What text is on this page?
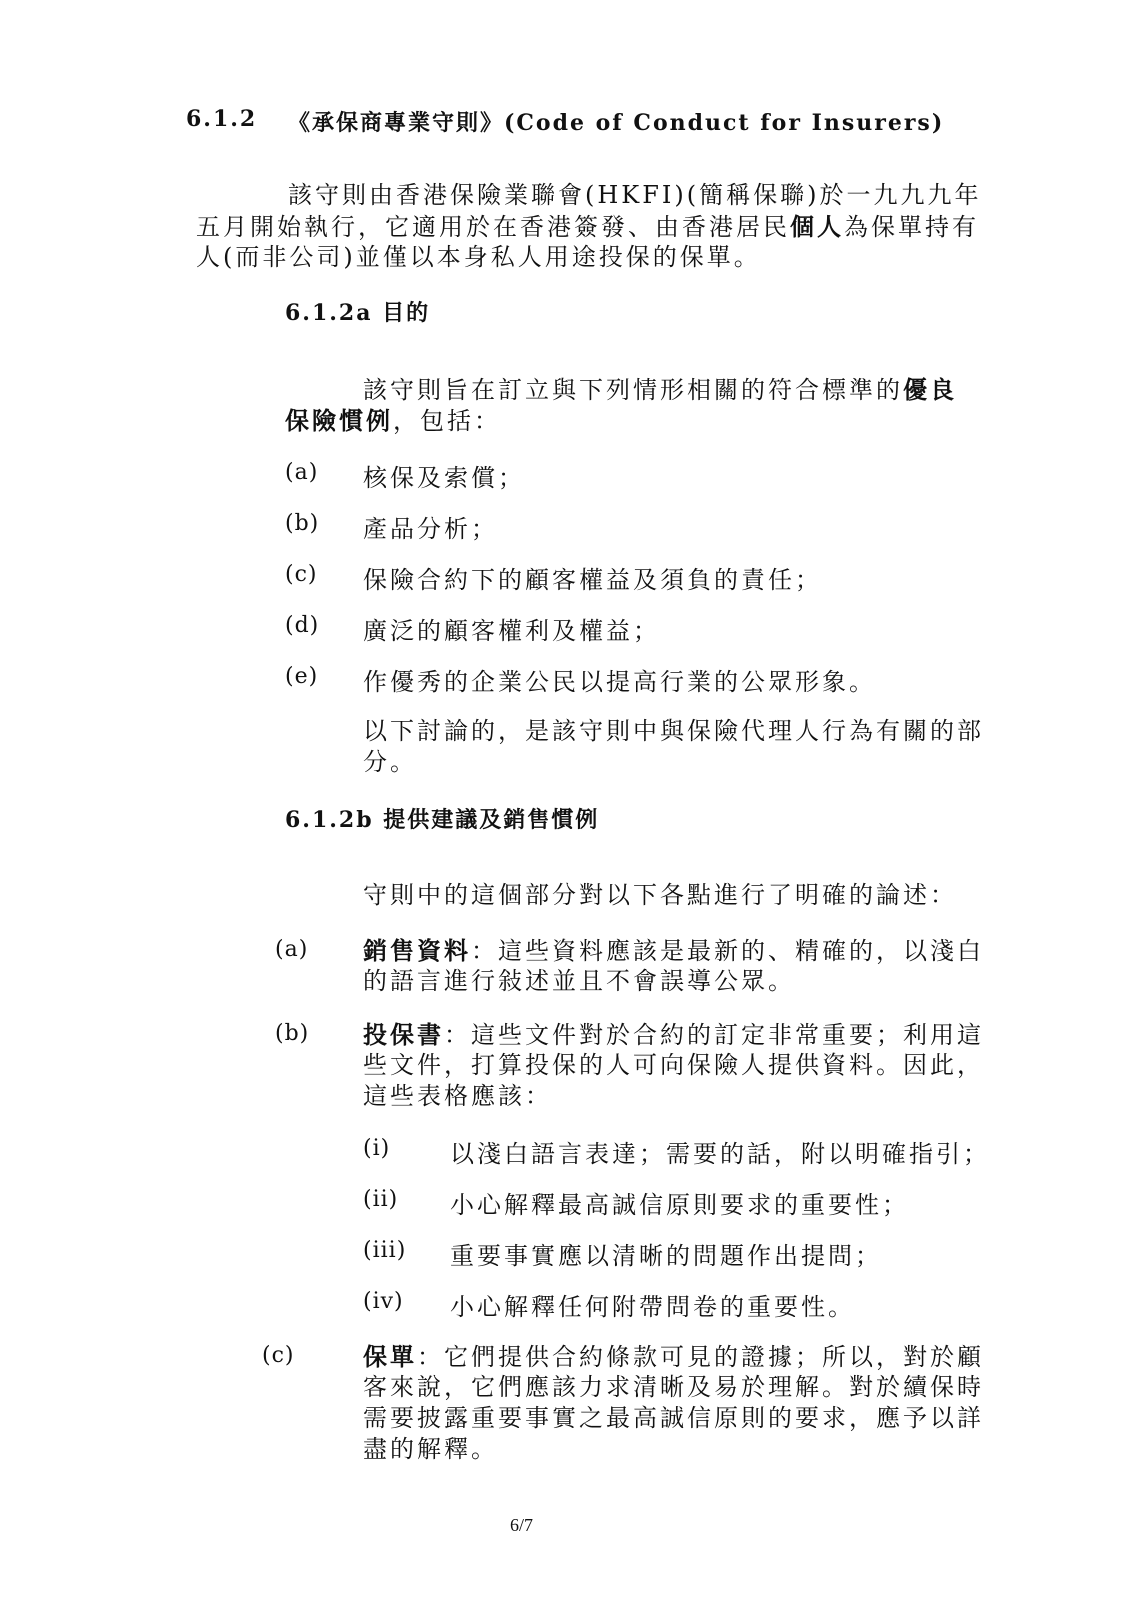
6.1.2 《承保商專業守則》(Code of Conduct for Insurers)
該守則由香港保險業聯會(HKFI)(簡稱保聯)於一九九九年
五月開始執行，它適用於在香港簽發、由香港居民個人為保單持有
人(而非公司)並僅以本身私人用途投保的保單。
6.1.2a 目的
該守則旨在訂立與下列情形相關的符合標準的優良
保險慣例，包括：
(a) 核保及索償；
(b) 產品分析；
(c) 保險合約下的顧客權益及須負的責任；
(d) 廣泛的顧客權利及權益；
(e) 作優秀的企業公民以提高行業的公眾形象。
以下討論的，是該守則中與保險代理人行為有關的部
分。
6.1.2b 提供建議及銷售慣例
守則中的這個部分對以下各點進行了明確的論述：
(a) 銷售資料：這些資料應該是最新的、精確的，以淺白
的語言進行敍述並且不會誤導公眾。
(b) 投保書：這些文件對於合約的訂定非常重要；利用這
些文件，打算投保的人可向保險人提供資料。因此，
這些表格應該：
(i) 以淺白語言表達；需要的話，附以明確指引；
(ii) 小心解釋最高誠信原則要求的重要性；
(iii) 重要事實應以清晰的問題作出提問；
(iv) 小心解釋任何附帶問卷的重要性。
(c)	保單：它們提供合約條款可見的證據；所以，對於顧
客來說，它們應該力求清晰及易於理解。對於續保時
需要披露重要事實之最高誠信原則的要求，應予以詳
盡的解釋。
6/7
